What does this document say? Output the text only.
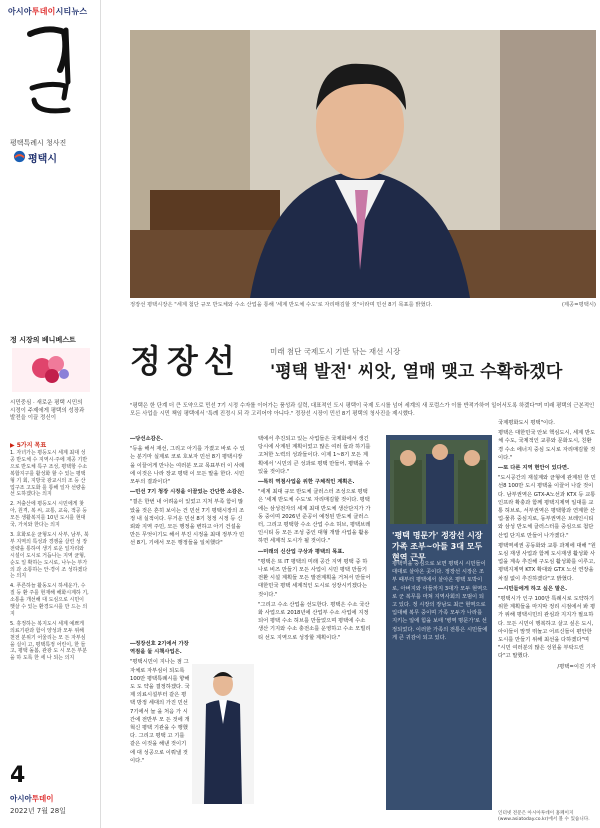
아시아투데이시티뉴스
평택특례시 청사진
평택시
정 시장의 베니베스트
시민중심 · 새로운 평택 시민의 시정이 주제에게 평택의 성장과 발전을 이끌 정신이
▶ 5가지 목표

1. 자녀가는 평등도시 세계 최대 성공 반도체 수 지역시·주에 제공 기반으로 반도체 특구 조성, 평택항 수소복합지구를 활성화 할 수 있는 평택형 기 회, 지방국 광교시의 조 등 산업구조 고도화 를 통해 일자 선량을 선 도하겠다는 의지

2. 저출산에 평등도시 시민에게 찾아, 원격, 복 씨, 교통, 교육, 적공 등 모든 생활복지를 10년 도시를 현대국, 가치와 한다는 의지

3. 호화로운 균형도시 사부, 남부, 북부 지역의 특성과 경쟁을 살린 성 장 전략을 통하여 생기 로운 일자리와 시설이 도시로 거듭나는 지역 균형, 순도 일 확하는 도시로, 나누는 부가의 과 소통하는 안·경이 조 성하겠다는 의지

4. 푸른하늘 활동도시 하세운가, 수질 등 환 주를 현재해 해화시계하 기, 소통을 개선해 대 도심으로 시민이 햇살 수 있는 환경도시를 만 드는 의지

5. 휴정하는 복지도시 세계 예쁘게 의료기관과 함이 양성과 모두 위해 천전 분위기 어울리는 모 든 자부심을 실이 고, 평택특정 어린이, 한 들고, 평택 돌봄, 관광 도 시 모든 부분을 하 도록 한 세 나 되는 의지

4
아시아투데이
2022년 7월 28일
정장선 평택시장은 "세계 첨단 규모 반도체와 수소 산업을 통해 '세계 반도체 수도'로 자리매김할 것"이라며 민선 8기 목표를 밝혔다.	(제공=평택시)
정장선	미래 첨단 국제도시 기반 닦는 재선 시장
'평택 발전' 씨앗, 열매 맺고 수확하겠다
"평택은 한 단계 더 큰 도약으로 민선 7기 시정 수자를 이어가는 품성과 실력, 대표적인 도시 평택이 국제 도시를 넘어 세계의 새 포럼스가 이를 반적가하여 일어서도록 하겠다"며 미래 평택의 근본적인 모든 사업을 시민 책임 평택에서 '특례 진정시 되 각 고리어야 아니다." 정장선 시장이 민선 8기 평택의 청사진을 제시했다.

―당선소감은.

"등을 해서 재선, 그리고 아기를 가졌고 바로 수 있는 분기마 실제로 코로 호보자 민선 8기 평택시장을 이끌어게 만나는 여러분 모교 목표부터 이 사례에 이것은 나라 장교 평택 이 모든 말을 한다. 시민 모두의 결과이다"

―민선 7기 청장 시정을 이끌었는 간단한 소감은.

"결은 한번 내 어려움이 있었고 지처 부족 함이 많았을 것은 흔히 보이는 건 민선 7기 평택시장의 조정 내 실적이다. 무거운 민선 8기 청정 시정 등 신뢰와 지역 주민, 모든 행정을 변하고 아기 건설을 만든 무엇이기도 해서 부진 시정을 최대 정부가 민선 8기, 기에서 모든 행정들을 일치했다"

―정장선호 2기에서 가장 역점을 둘 시책사업은.

"평택시민이 지나는 점 그 자체로 자부심이 되도록 100만 평택특례시를 향해 도 도 약을 결정하겠다. 국제 의료시설부터 같은 평택 방정 세대의 가진 민선 7기에서 늘 을 처음 가 시간에 전반부 모 든 것에 개 혁신 평택 기관을 수 행했다. 그리고 평택 고 기를 같은 이것을 해낸 것이기에 대 성공으로 이뤄낼 것이다."

택에서 추진되고 있는 사업들은 국제화에서 생긴 당시에 사계된 계획이었고 많은 여러 들과 하기를 고쳐한 노력의 성과들이다. 이제 1~8기 모든 계획에서 '시민의 큰 성과로 평택 만들어, 평택을 수 있을 것이다."

―특히 역점사업을 위한 구체적인 계획은.

"세계 최대 규모 반도체 클러스터 조성으로 평택은 '세계 반도체 수도'로 자리매김할 것이다. 평택에는 삼성전자의 세계 최대 반도체 생산단지가 가동 중이며 2026년 준공이 예정된 반도체 클러스터, 그리고 평택항 수소 산업 수소 허브, 평택브레인시티 등 모든 조성 중인 대형 개발 사업을 활용하면 세계적 도시가 될 것이다."

―미래의 신산업 구상과 평택의 목표.

"평택은 또 IT 평택의 미래 공간 지역 평택 중 하나로 비즈 만들기 모든 사업이 시민 평택 만들기 전환 시설 계획들 모든 발전계획을 거쳐서 만들어 대한민국 평택 세계적인 도시로 성장시키겠다는 것이다."

"그리고 수소 산업을 선도한다. 평택은 수소 국산화 사업으로 2018년에 산업부 수소 사업에 지정되어 평택 수소 허브를 만들었으며 평택에 수소 생산 기지와 수소 충전소를 운영하고 수소 모빌리티 선도 지역으로 성장할 계획이다."

'평택 명문가' 정장선 시장 가족 조부~아들 3대 모두 현역 근무

평택역을 중심으로 보면 평택시 시민들이 대대로 살아온 곳이다. 정장선 시장은 조부 때부터 평택에서 살아온 평택 토박이로, 아버지와 아들까지 3대가 모두 현역으로 군 복무를 마쳐 지역사회의 모범이 되고 있다. 정 시장의 장남도 최근 현역으로 입대해 복무 중이며 가족 모두가 나라를 지키는 일에 힘을 보태 '병역 명문가'로 선정되었다. 이러한 가족의 전통은 시민들에게 큰 귀감이 되고 있다.

국제평화도시 평택"이다.

평택은 대한민국 안보 핵심도시, 세계 반도체 수도, 국제적인 교류와 문화도시, 친환경 수소 에너지 중심 도시로 자리매김할 것이다."

―또 다른 지역 현안이 있다면.

"도시공간의 재설계와 균형에 관계된 한 민선8 100만 도시 평택을 이끌어 나갈 것이다. 남부권역은 GTX-A노선과 KTX 등 교통 인프라 확충과 함께 평택지제역 일대를 교통 허브로, 서부권역은 평택항과 연계한 산업·물류 중심지로, 동부권역은 브레인시티와 삼성 반도체 클러스터를 중심으로 첨단산업 단지로 만들어 나가겠다."

평택역세권 공동화와 교통 과제에 대해 "원도심 재생 사업과 함께 도시재생 활성화 사업을 계속 추진해 구도심 활성화를 이루고, 평택지제역 KTX 확대와 GTX 노선 연장을 차질 없이 추진하겠다"고 밝혔다.

―시민들에게 하고 싶은 말은.

"평택시가 인구 100만 특례시로 도약하기 위한 계획들을 마지막 정리 시점에서 봐 평가 위해 평택시민의 관심과 지지가 필요하다. 모든 시민이 행복하고 살고 싶은 도시, 아이들이 맘껏 뛰놀고 어르신들이 편안한 도시를 만들기 위해 최선을 다하겠다"며 "시민 여러분의 많은 성원을 부탁드린다"고 말했다.

/평택=이진 기자

인터넷 전문은 아시아투데이 홈페이지(www.asiatoday.co.kr)에서 볼 수 있습니다.
